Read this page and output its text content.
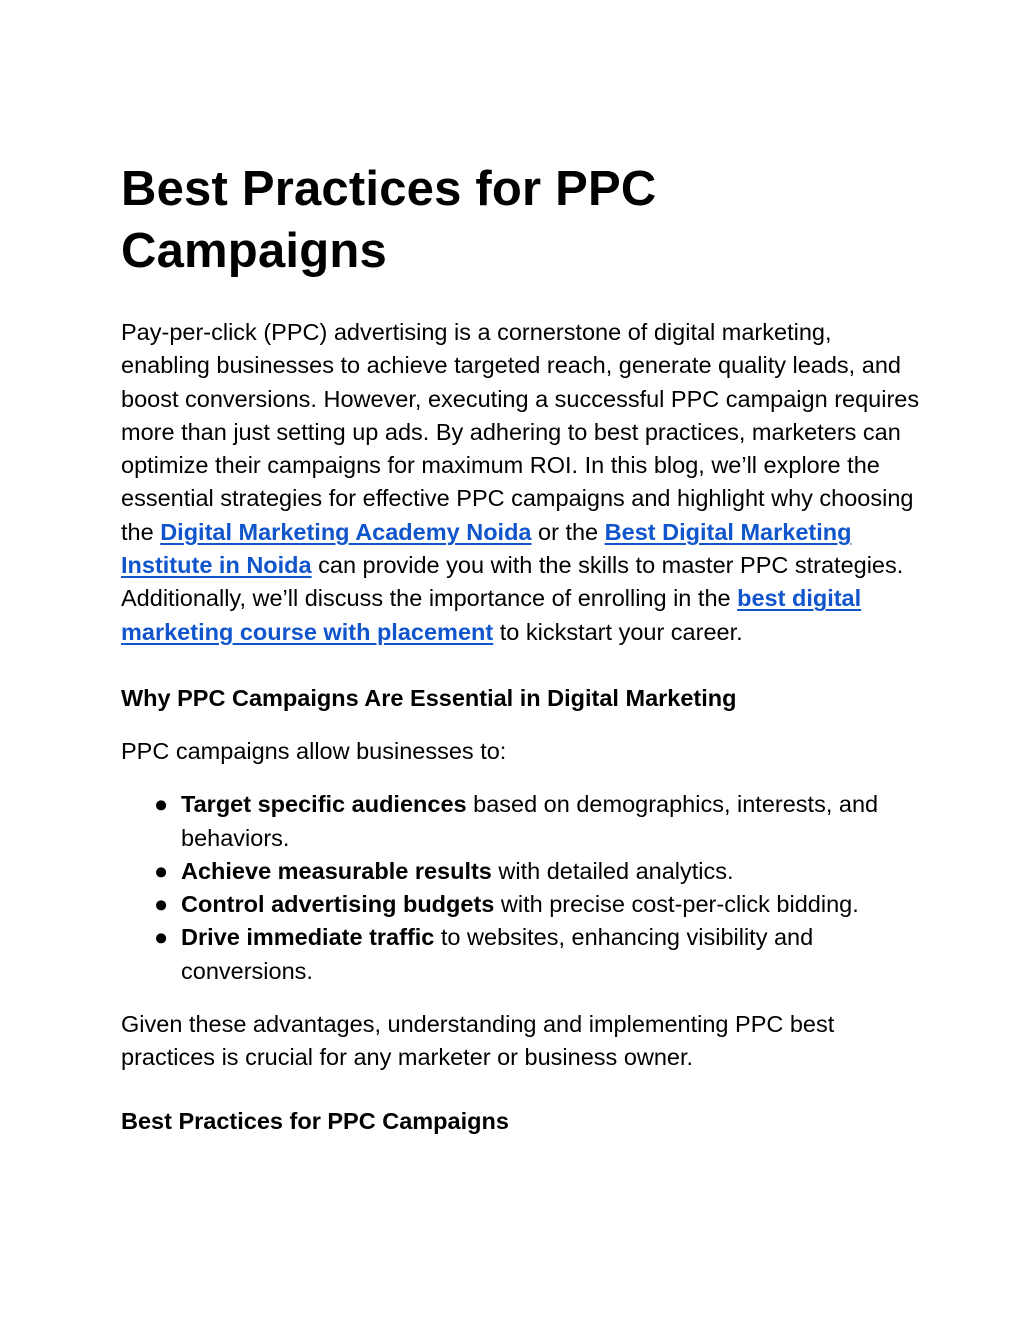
Best Practices for PPC Campaigns

Pay-per-click (PPC) advertising is a cornerstone of digital marketing, enabling businesses to achieve targeted reach, generate quality leads, and boost conversions. However, executing a successful PPC campaign requires more than just setting up ads. By adhering to best practices, marketers can optimize their campaigns for maximum ROI. In this blog, we’ll explore the essential strategies for effective PPC campaigns and highlight why choosing the Digital Marketing Academy Noida or the Best Digital Marketing Institute in Noida can provide you with the skills to master PPC strategies. Additionally, we’ll discuss the importance of enrolling in the best digital marketing course with placement to kickstart your career.

Why PPC Campaigns Are Essential in Digital Marketing

PPC campaigns allow businesses to:

● Target specific audiences based on demographics, interests, and behaviors.
● Achieve measurable results with detailed analytics.
● Control advertising budgets with precise cost-per-click bidding.
● Drive immediate traffic to websites, enhancing visibility and conversions.

Given these advantages, understanding and implementing PPC best practices is crucial for any marketer or business owner.

Best Practices for PPC Campaigns
